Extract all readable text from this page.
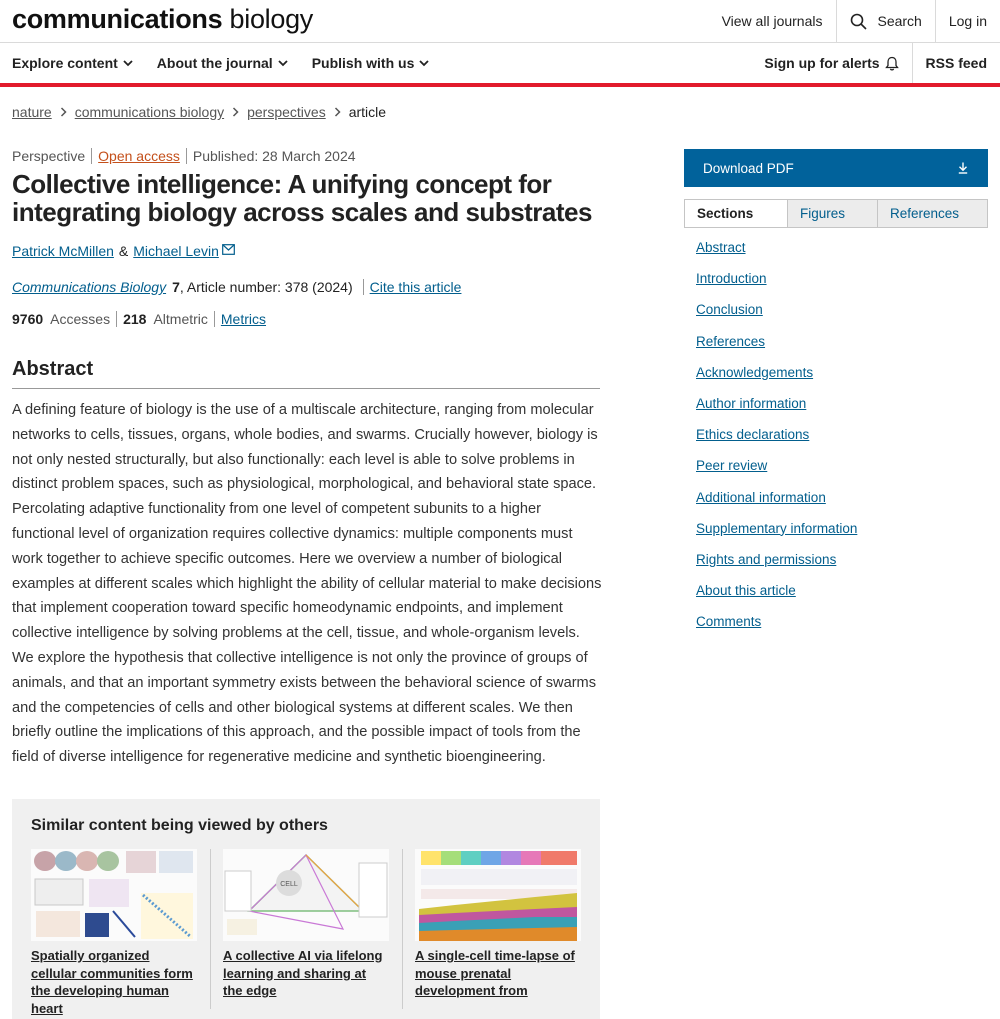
communications biology	View all journals	Search Log in
Explore content	About the journal	Publish with us	Sign up for alerts	RSS feed
nature communications biology perspectives article
Perspective Open access Published: 28 March 2024
Collective intelligence: A unifying concept for integrating biology across scales and substrates
Patrick McMillen & Michael Levin
Communications Biology 7 , Article number: 378 (2024) Cite this article
9760 Accesses 218 Altmetric Metrics
Abstract

A defining feature of biology is the use of a multiscale architecture, ranging from molecular networks to cells, tissues, organs, whole bodies, and swarms. Crucially however, biology is not only nested structurally, but also functionally: each level is able to solve problems in distinct problem spaces, such as physiological, morphological, and behavioral state space. Percolating adaptive functionality from one level of competent subunits to a higher functional level of organization requires collective dynamics: multiple components must work together to achieve specific outcomes. Here we overview a number of biological examples at different scales which highlight the ability of cellular material to make decisions that implement cooperation toward specific homeodynamic endpoints, and implement collective intelligence by solving problems at the cell, tissue, and whole-organism levels. We explore the hypothesis that collective intelligence is not only the province of groups of animals, and that an important symmetry exists between the behavioral science of swarms and the competencies of cells and other biological systems at different scales. We then briefly outline the implications of this approach, and the possible impact of tools from the field of diverse intelligence for regenerative medicine and synthetic bioengineering.

Similar content being viewed by others
Spatially organized cellular communities form the developing human heart
CELL
A collective AI via lifelong learning and sharing at the edge
A single-cell time-lapse of mouse prenatal development from
Download PDF
Sections	Figures	References
Abstract
Introduction
Conclusion
References
Acknowledgements
Author information
Ethics declarations
Peer review
Additional information
Supplementary information
Rights and permissions
About this article
Comments
